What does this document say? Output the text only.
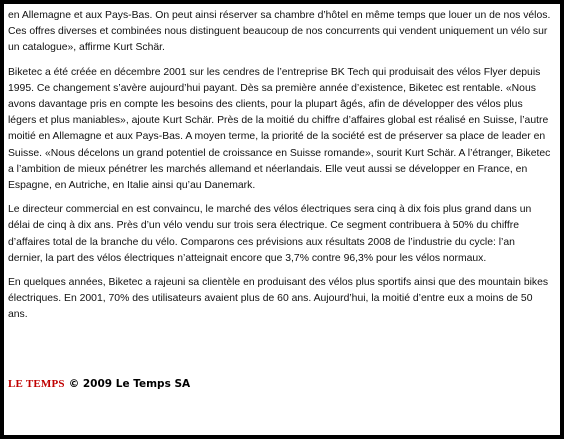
en Allemagne et aux Pays-Bas. On peut ainsi réserver sa chambre d’hôtel en même temps que louer un de nos vélos. Ces offres diverses et combinées nous distinguent beaucoup de nos concurrents qui vendent uniquement un vélo sur un catalogue», affirme Kurt Schär.

Biketec a été créée en décembre 2001 sur les cendres de l’entreprise BK Tech qui produisait des vélos Flyer depuis 1995. Ce changement s’avère aujourd’hui payant. Dès sa première année d’existence, Biketec est rentable. «Nous avons davantage pris en compte les besoins des clients, pour la plupart âgés, afin de développer des vélos plus légers et plus maniables», ajoute Kurt Schär. Près de la moitié du chiffre d’affaires global est réalisé en Suisse, l’autre moitié en Allemagne et aux Pays-Bas. A moyen terme, la priorité de la société est de préserver sa place de leader en Suisse. «Nous décelons un grand potentiel de croissance en Suisse romande», sourit Kurt Schär. A l’étranger, Biketec a l’ambition de mieux pénétrer les marchés allemand et néerlandais. Elle veut aussi se développer en France, en Espagne, en Autriche, en Italie ainsi qu’au Danemark.

Le directeur commercial en est convaincu, le marché des vélos électriques sera cinq à dix fois plus grand dans un délai de cinq à dix ans. Près d’un vélo vendu sur trois sera électrique. Ce segment contribuera à 50% du chiffre d’affaires total de la branche du vélo. Comparons ces prévisions aux résultats 2008 de l’industrie du cycle: l’an dernier, la part des vélos électriques n’atteignait encore que 3,7% contre 96,3% pour les vélos normaux.

En quelques années, Biketec a rajeuni sa clientèle en produisant des vélos plus sportifs ainsi que des mountain bikes électriques. En 2001, 70% des utilisateurs avaient plus de 60 ans. Aujourd’hui, la moitié d’entre eux a moins de 50 ans.

LE TEMPS © 2009 Le Temps SA
